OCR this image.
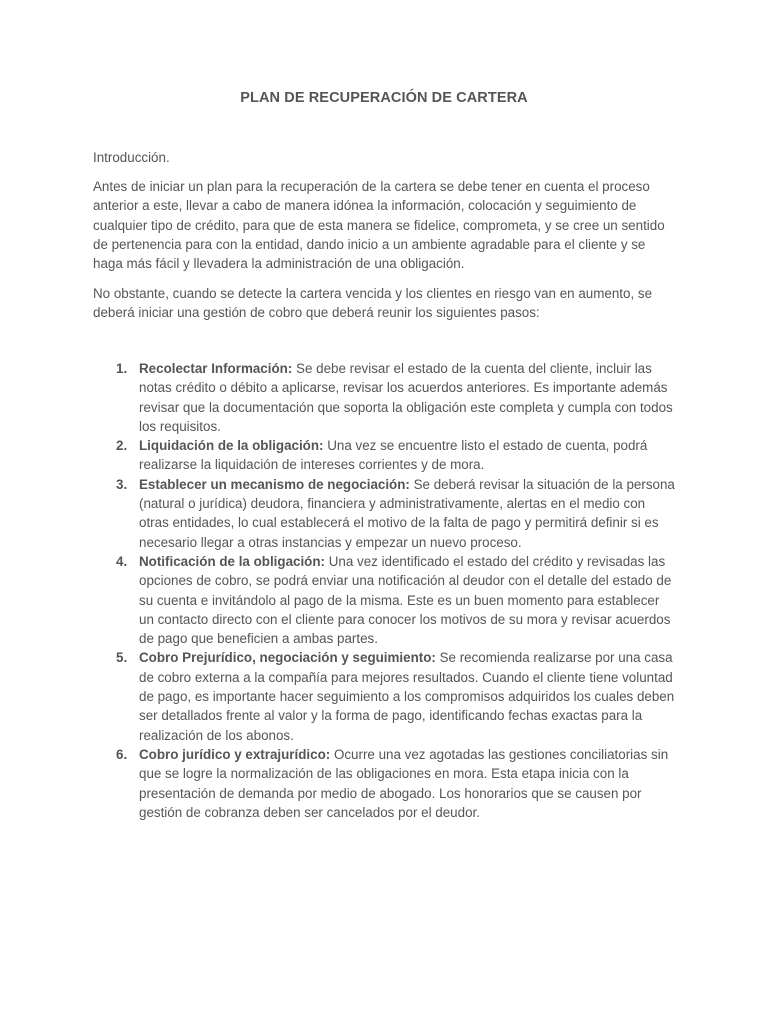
PLAN DE RECUPERACIÓN DE CARTERA
Introducción.
Antes de iniciar un plan para la recuperación de la cartera se debe tener en cuenta el proceso anterior a este, llevar a cabo de manera idónea la información, colocación y seguimiento de cualquier tipo de crédito, para que de esta manera se fidelice, comprometa, y se cree un sentido de pertenencia para con la entidad, dando inicio a un ambiente agradable para el cliente y se haga más fácil y llevadera la administración de una obligación.
No obstante, cuando se detecte la cartera vencida y los clientes en riesgo van en aumento, se deberá iniciar una gestión de cobro que deberá reunir los siguientes pasos:
1. Recolectar Información: Se debe revisar el estado de la cuenta del cliente, incluir las notas crédito o débito a aplicarse, revisar los acuerdos anteriores. Es importante además revisar que la documentación que soporta la obligación este completa y cumpla con todos los requisitos.
2. Liquidación de la obligación: Una vez se encuentre listo el estado de cuenta, podrá realizarse la liquidación de intereses corrientes y de mora.
3. Establecer un mecanismo de negociación: Se deberá revisar la situación de la persona (natural o jurídica) deudora, financiera y administrativamente, alertas en el medio con otras entidades, lo cual establecerá el motivo de la falta de pago y permitirá definir si es necesario llegar a otras instancias y empezar un nuevo proceso.
4. Notificación de la obligación: Una vez identificado el estado del crédito y revisadas las opciones de cobro, se podrá enviar una notificación al deudor con el detalle del estado de su cuenta e invitándolo al pago de la misma. Este es un buen momento para establecer un contacto directo con el cliente para conocer los motivos de su mora y revisar acuerdos de pago que beneficien a ambas partes.
5. Cobro Prejurídico, negociación y seguimiento: Se recomienda realizarse por una casa de cobro externa a la compañía para mejores resultados. Cuando el cliente tiene voluntad de pago, es importante hacer seguimiento a los compromisos adquiridos los cuales deben ser detallados frente al valor y la forma de pago, identificando fechas exactas para la realización de los abonos.
6. Cobro jurídico y extrajurídico: Ocurre una vez agotadas las gestiones conciliatorias sin que se logre la normalización de las obligaciones en mora. Esta etapa inicia con la presentación de demanda por medio de abogado. Los honorarios que se causen por gestión de cobranza deben ser cancelados por el deudor.
